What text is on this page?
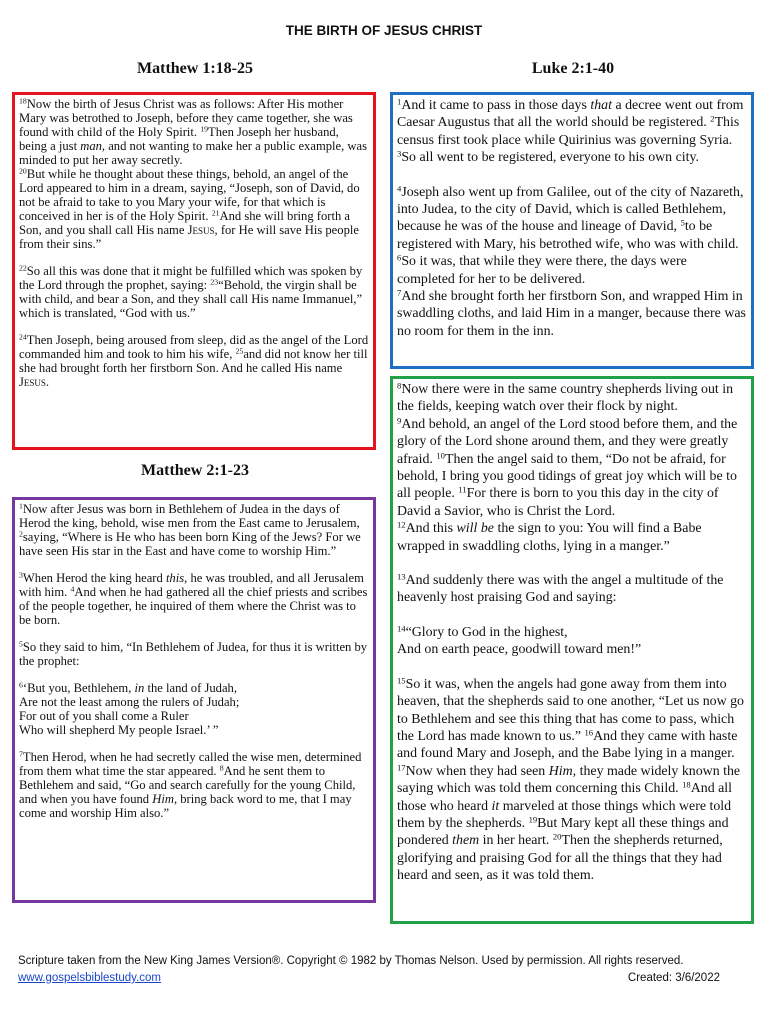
THE BIRTH OF JESUS CHRIST
Matthew 1:18-25	Luke 2:1-40
$^{18}$Now the birth of Jesus Christ was as follows: After His mother Mary was betrothed to Joseph, before they came together, she was found with child of the Holy Spirit. $^{19}$Then Joseph her husband, being a just man, and not wanting to make her a public example, was minded to put her away secretly.
$^{20}$But while he thought about these things, behold, an angel of the Lord appeared to him in a dream, saying, “Joseph, son of David, do not be afraid to take to you Mary your wife, for that which is conceived in her is of the Holy Spirit. $^{21}$And she will bring forth a Son, and you shall call His name Jesus, for He will save His people from their sins.”
$^{22}$So all this was done that it might be fulfilled which was spoken by the Lord through the prophet, saying: $^{23}$“Behold, the virgin shall be with child, and bear a Son, and they shall call His name Immanuel,” which is translated, “God with us.”
$^{24}$Then Joseph, being aroused from sleep, did as the angel of the Lord commanded him and took to him his wife, $^{25}$and did not know her till she had brought forth her firstborn Son. And he called His name Jesus.
Matthew 2:1-23
$^1$Now after Jesus was born in Bethlehem of Judea in the days of Herod the king, behold, wise men from the East came to Jerusalem, $^2$saying, “Where is He who has been born King of the Jews? For we have seen His star in the East and have come to worship Him.”
$^3$When Herod the king heard this, he was troubled, and all Jerusalem with him. $^4$And when he had gathered all the chief priests and scribes of the people together, he inquired of them where the Christ was to be born.
$^5$So they said to him, “In Bethlehem of Judea, for thus it is written by the prophet:
$^6$‘But you, Bethlehem, in the land of Judah,
Are not the least among the rulers of Judah;
For out of you shall come a Ruler
Who will shepherd My people Israel.’ ”
$^7$Then Herod, when he had secretly called the wise men, determined from them what time the star appeared. $^8$And he sent them to Bethlehem and said, “Go and search carefully for the young Child, and when you have found Him, bring back word to me, that I may come and worship Him also.”
$^1$And it came to pass in those days that a decree went out from Caesar Augustus that all the world should be registered. $^2$This census first took place while Quirinius was governing Syria. $^3$So all went to be registered, everyone to his own city.
$^4$Joseph also went up from Galilee, out of the city of Nazareth, into Judea, to the city of David, which is called Bethlehem, because he was of the house and lineage of David, $^5$to be registered with Mary, his betrothed wife, who was with child. $^6$So it was, that while they were there, the days were completed for her to be delivered.
$^7$And she brought forth her firstborn Son, and wrapped Him in swaddling cloths, and laid Him in a manger, because there was no room for them in the inn.
$^8$Now there were in the same country shepherds living out in the fields, keeping watch over their flock by night.
$^9$And behold, an angel of the Lord stood before them, and the glory of the Lord shone around them, and they were greatly afraid. $^{10}$Then the angel said to them, “Do not be afraid, for behold, I bring you good tidings of great joy which will be to all people. $^{11}$For there is born to you this day in the city of David a Savior, who is Christ the Lord.
$^{12}$And this will be the sign to you: You will find a Babe wrapped in swaddling cloths, lying in a manger.”
$^{13}$And suddenly there was with the angel a multitude of the heavenly host praising God and saying:
$^{14}$“Glory to God in the highest,
And on earth peace, goodwill toward men!”
$^{15}$So it was, when the angels had gone away from them into heaven, that the shepherds said to one another, “Let us now go to Bethlehem and see this thing that has come to pass, which the Lord has made known to us.” $^{16}$And they came with haste and found Mary and Joseph, and the Babe lying in a manger. $^{17}$Now when they had seen Him, they made widely known the saying which was told them concerning this Child. $^{18}$And all those who heard it marveled at those things which were told them by the shepherds. $^{19}$But Mary kept all these things and pondered them in her heart. $^{20}$Then the shepherds returned, glorifying and praising God for all the things that they had heard and seen, as it was told them.
Scripture taken from the New King James Version®. Copyright © 1982 by Thomas Nelson. Used by permission. All rights reserved.
www.gospelsbiblestudy.com	Created: 3/6/2022
